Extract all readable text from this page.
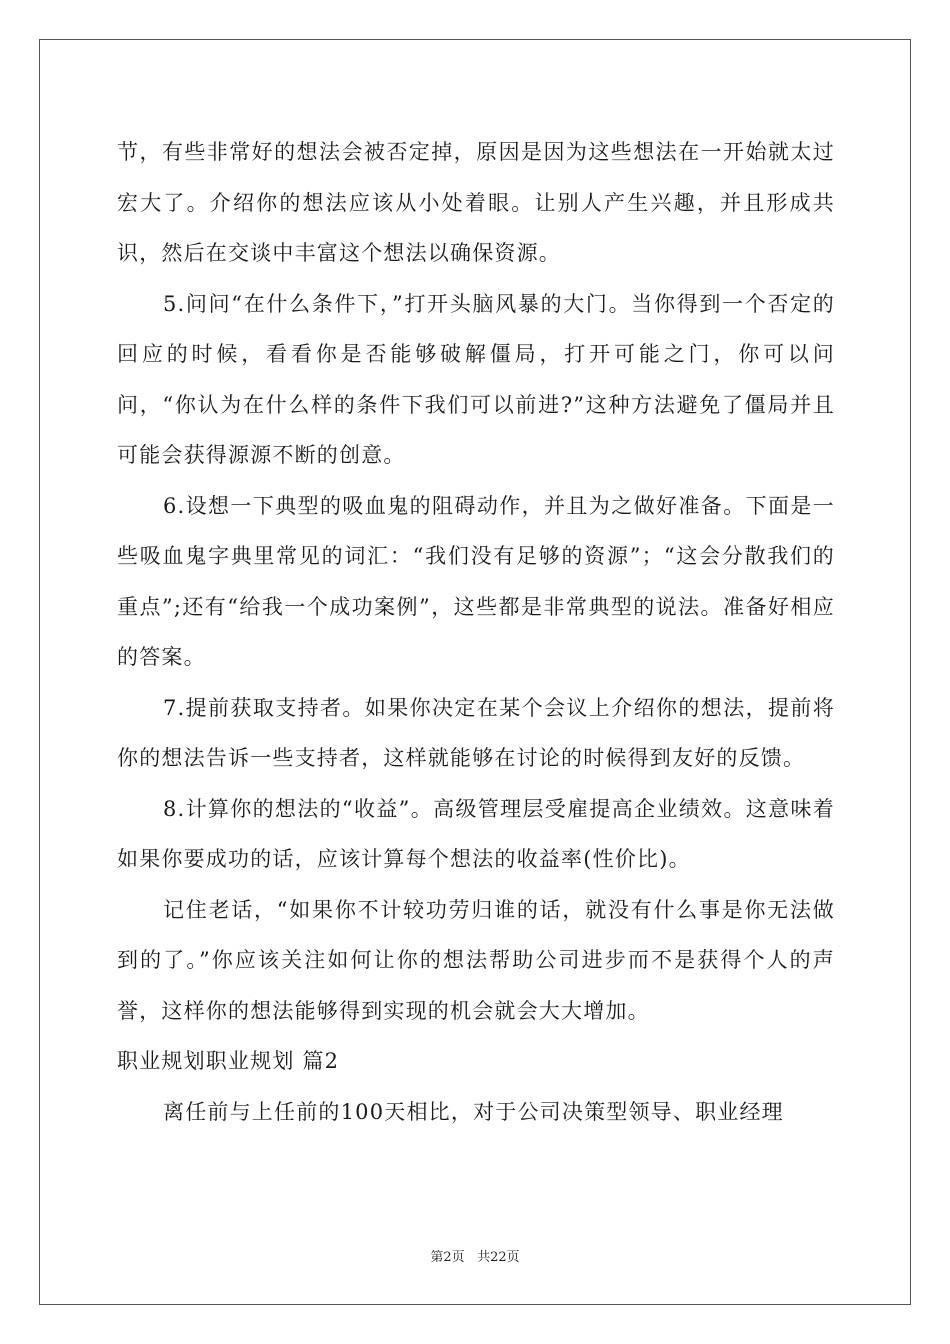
节，有些非常好的想法会被否定掉，原因是因为这些想法在一开始就太过宏大了。介绍你的想法应该从小处着眼。让别人产生兴趣，并且形成共识，然后在交谈中丰富这个想法以确保资源。

5.问问“在什么条件下，”打开头脑风暴的大门。当你得到一个否定的回应的时候，看看你是否能够破解僵局，打开可能之门，你可以问问，“你认为在什么样的条件下我们可以前进?”这种方法避免了僵局并且可能会获得源源不断的创意。

6.设想一下典型的吸血鬼的阻碍动作，并且为之做好准备。下面是一些吸血鬼字典里常见的词汇：“我们没有足够的资源”；“这会分散我们的重点”;还有“给我一个成功案例”，这些都是非常典型的说法。准备好相应的答案。

7.提前获取支持者。如果你决定在某个会议上介绍你的想法，提前将你的想法告诉一些支持者，这样就能够在讨论的时候得到友好的反馈。

8.计算你的想法的“收益”。高级管理层受雇提高企业绩效。这意味着如果你要成功的话，应该计算每个想法的收益率(性价比)。

记住老话，“如果你不计较功劳归谁的话，就没有什么事是你无法做到的了。”你应该关注如何让你的想法帮助公司进步而不是获得个人的声誉，这样你的想法能够得到实现的机会就会大大增加。

职业规划职业规划 篇2

离任前与上任前的100天相比，对于公司决策型领导、职业经理

第2页 共22页
